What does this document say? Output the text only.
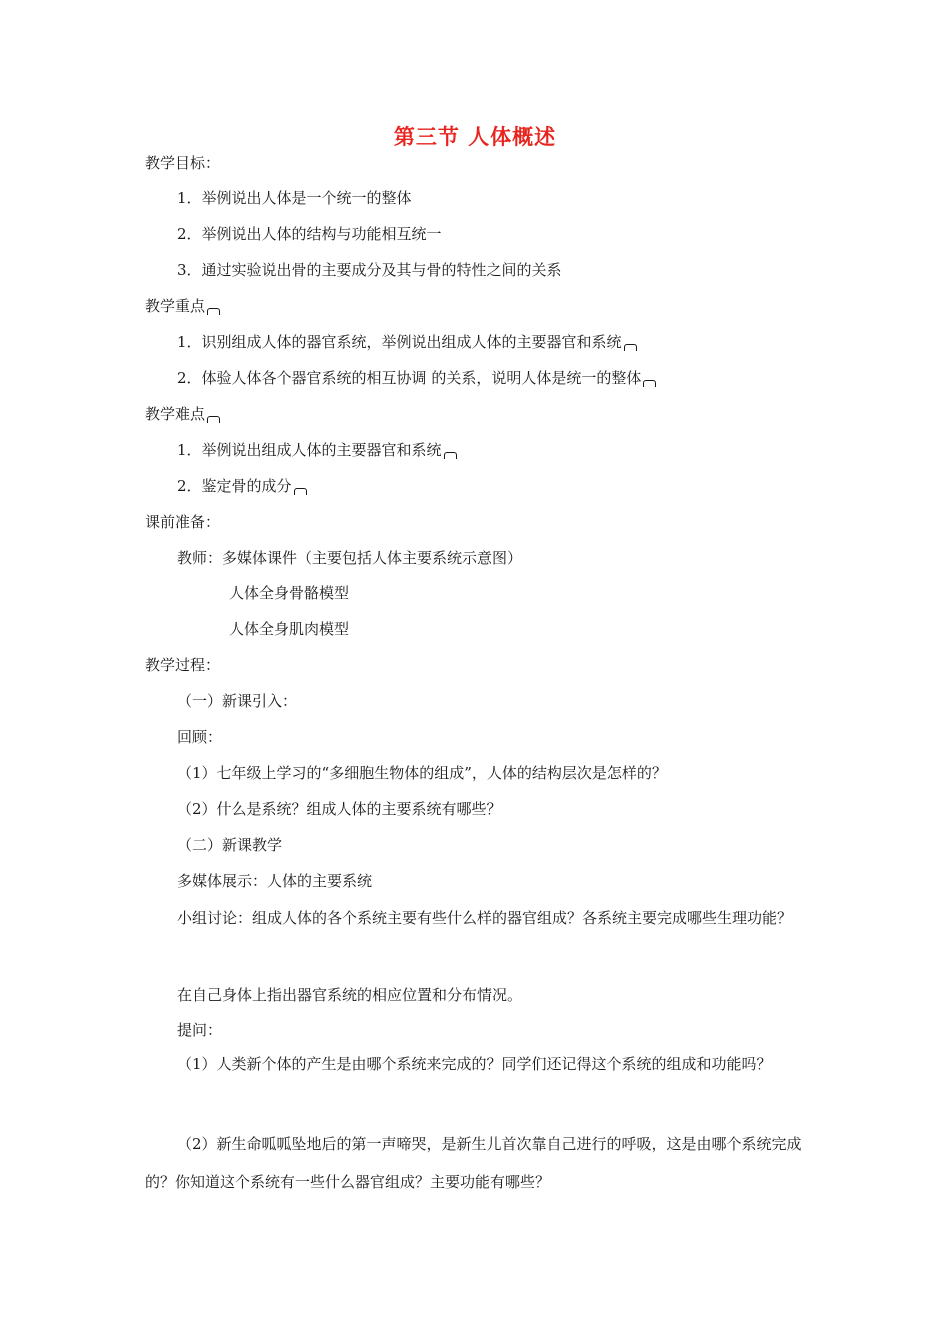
第三节 人体概述
教学目标：
1．举例说出人体是一个统一的整体
2．举例说出人体的结构与功能相互统一
3．通过实验说出骨的主要成分及其与骨的特性之间的关系
教学重点
1．识别组成人体的器官系统，举例说出组成人体的主要器官和系统
2．体验人体各个器官系统的相互协调 的关系，说明人体是统一的整体
教学难点
1．举例说出组成人体的主要器官和系统
2．鉴定骨的成分
课前准备：
教师：多媒体课件（主要包括人体主要系统示意图）
人体全身骨骼模型
人体全身肌肉模型
教学过程：
（一）新课引入：
回顾：
（1）七年级上学习的“多细胞生物体的组成”，人体的结构层次是怎样的？
（2）什么是系统？组成人体的主要系统有哪些？
（二）新课教学
多媒体展示：人体的主要系统
小组讨论：组成人体的各个系统主要有些什么样的器官组成？各系统主要完成哪些生理功能？
在自己身体上指出器官系统的相应位置和分布情况。
提问：
（1）人类新个体的产生是由哪个系统来完成的？同学们还记得这个系统的组成和功能吗？
（2）新生命呱呱坠地后的第一声啼哭，是新生儿首次靠自己进行的呼吸，这是由哪个系统完成的？你知道这个系统有一些什么器官组成？主要功能有哪些？
